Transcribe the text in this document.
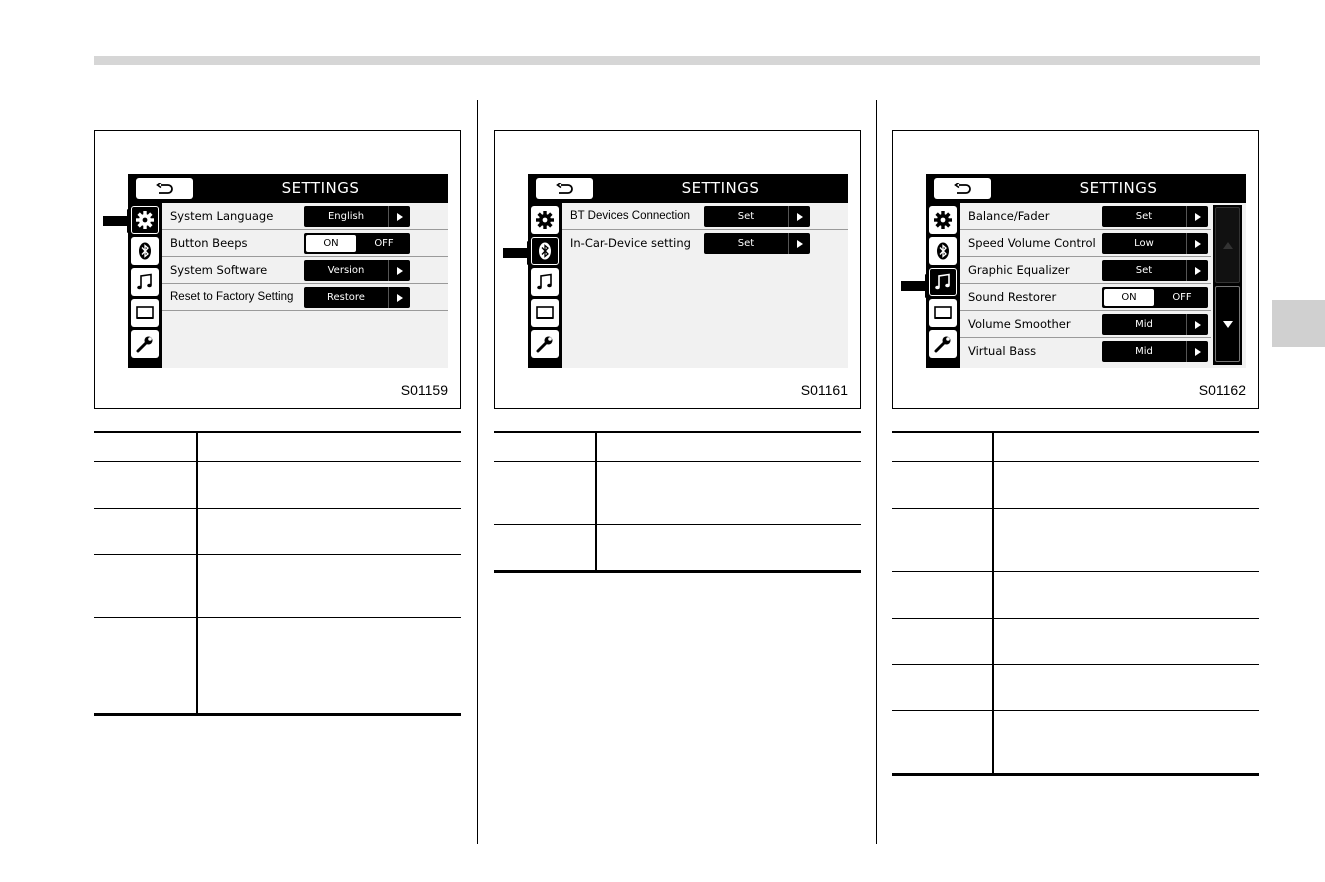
SETTINGS
System Language	English
Button Beeps	ON	OFF
System Software	Version
Reset to Factory Setting	Restore
S01159
SETTINGS
BT Devices Connection	Set
In-Car-Device setting	Set
S01161
SETTINGS
Balance/Fader	Set
Speed Volume Control	Low
Graphic Equalizer	Set
Sound Restorer	ON	OFF
Volume Smoother	Mid
Virtual Bass	Mid
S01162
